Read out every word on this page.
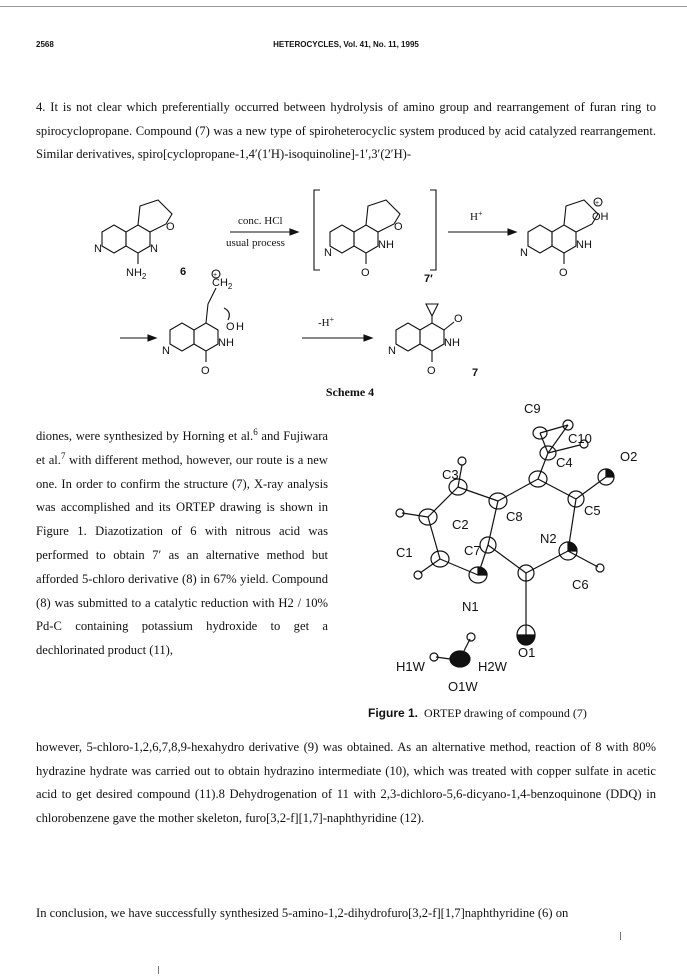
2568	HETEROCYCLES, Vol. 41, No. 11, 1995

4. It is not clear which preferentially occurred between hydrolysis of amino group and rearrangement of furan ring to spirocyclopropane. Compound (7) was a new type of spiroheterocyclic system produced by acid catalyzed rearrangement. Similar derivatives, spiro[cyclopropane-1,4′(1′H)-isoquinoline]-1′,3′(2′H)-

O
N	N
$NH_2$	6
conc. HCl
usual process
O
N
NH
O	7′
H+	OH
+
N
NH
O
$CH_2$
+
O H
N
NH
O
-H+	O
N
NH
O	7
Scheme 4

diones, were synthesized by Horning et al.$^6$ and Fujiwara et al.$^7$ with different method, however, our route is a new one. In order to confirm the structure (7), X-ray analysis was accomplished and its ORTEP drawing is shown in Figure 1. Diazotization of 6 with nitrous acid was performed to obtain 7′ as an alternative method but afforded 5-chloro derivative (8) in 67% yield. Compound (8) was submitted to a catalytic reduction with H2 / 10% Pd-C containing potassium hydroxide to get a dechlorinated product (11),

C9
C10
O2
C4
C3
C5
C8
C2
N2
C1	C7
C6
N1
O1
H1W	H2W
O1W
Figure 1. ORTEP drawing of compound (7)

however, 5-chloro-1,2,6,7,8,9-hexahydro derivative (9) was obtained. As an alternative method, reaction of 8 with 80% hydrazine hydrate was carried out to obtain hydrazino intermediate (10), which was treated with copper sulfate in acetic acid to get desired compound (11).8 Dehydrogenation of 11 with 2,3-dichloro-5,6-dicyano-1,4-benzoquinone (DDQ) in chlorobenzene gave the mother skeleton, furo[3,2-f][1,7]-naphthyridine (12).

In conclusion, we have successfully synthesized 5-amino-1,2-dihydrofuro[3,2-f][1,7]naphthyridine (6) on
